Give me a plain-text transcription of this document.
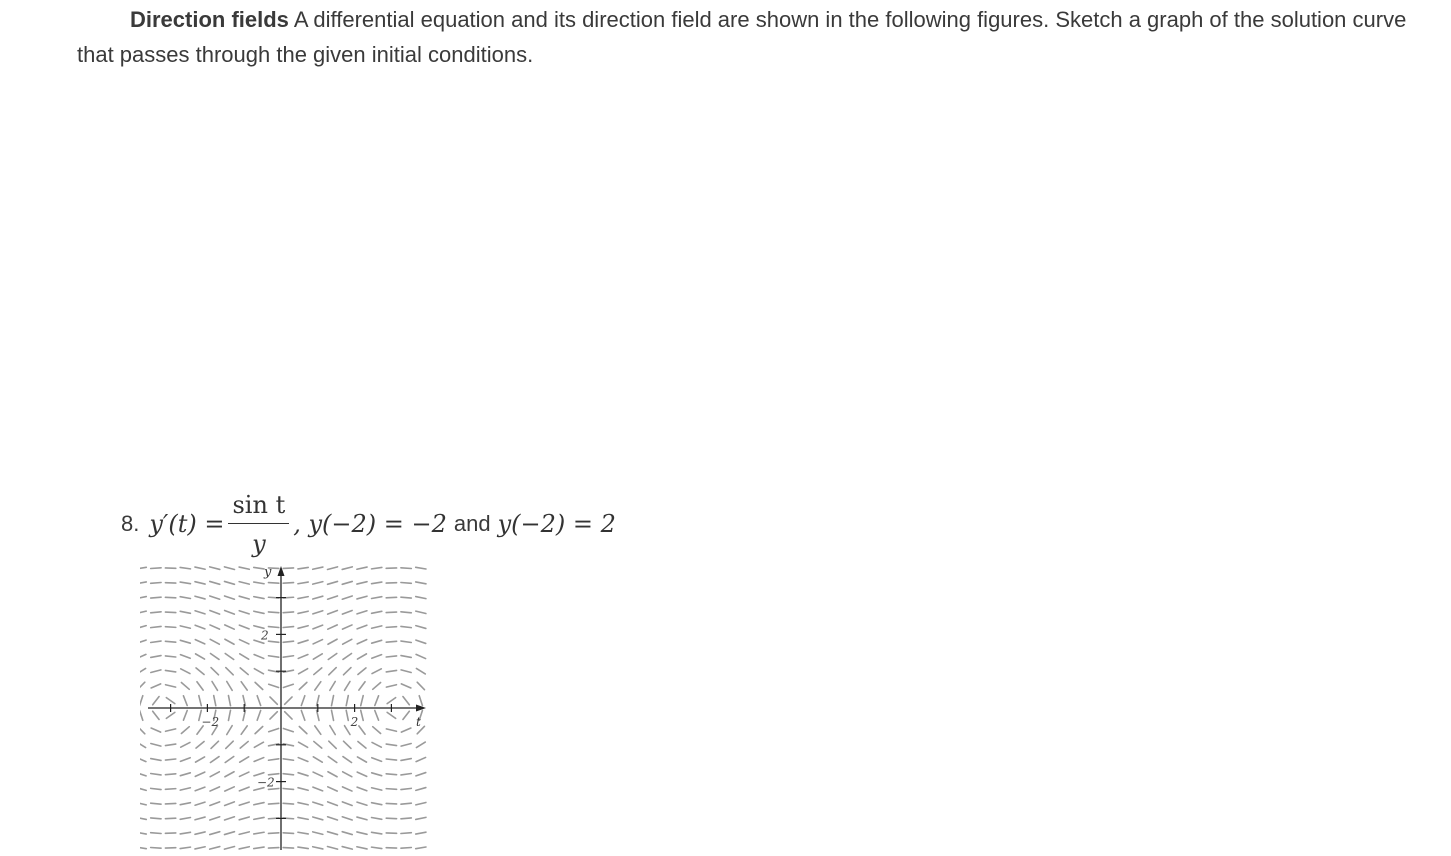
Direction fields A differential equation and its direction field are shown in the following figures. Sketch a graph of the solution curve that passes through the given initial conditions.

8. $y'(t) = \frac{\text{sin t}}{y}$ , y(−2) = −2 and y(−2) = 2
t
y
−2	2
2
−2
